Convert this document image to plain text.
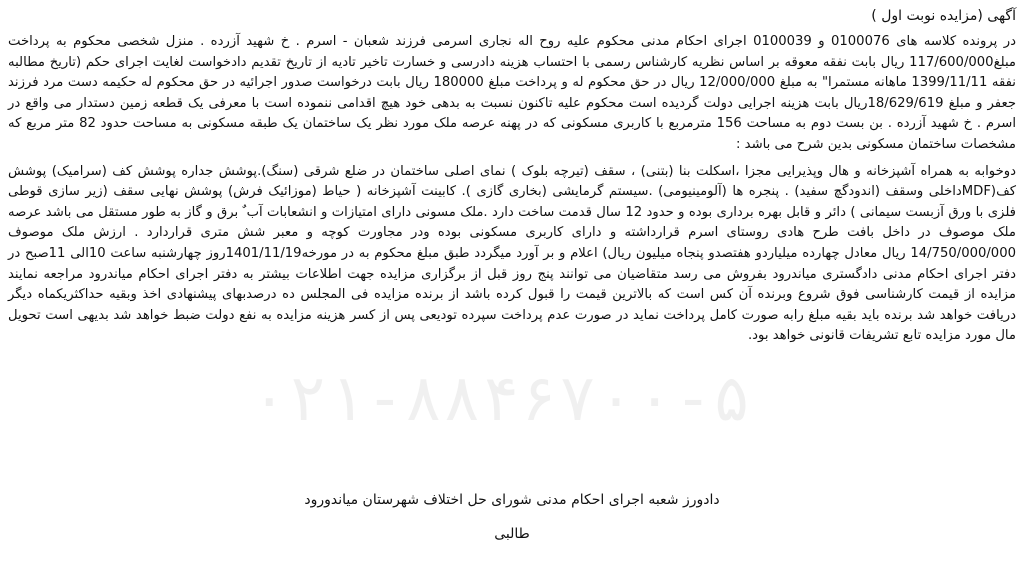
آگهی (مزایده نوبت اول )

در پرونده کلاسه های 0100076 و 0100039 اجرای احکام مدنی محکوم علیه روح اله نجاری اسرمی فرزند شعبان - اسرم . خ شهید آزرده . منزل شخصی محکوم به پرداخت مبلغ117/600/000 ریال بابت نفقه معوقه بر اساس نظریه کارشناس رسمی با احتساب هزینه دادرسی و خسارت تاخیر تادیه از تاریخ تقدیم دادخواست لغایت اجرای حکم (تاریخ مطالبه نفقه 1399/11/11 ماهانه مستمرا" به مبلغ 12/000/000 ریال در حق محکوم له و پرداخت مبلغ 180000 ریال بابت درخواست صدور اجرائیه در حق محکوم له حکیمه دست مرد فرزند جعفر و مبلغ 18/629/619ریال بابت هزینه اجرایی دولت گردیده است محکوم علیه تاکنون نسبت به بدهی خود هیچ اقدامی ننموده است با معرفی یک قطعه زمین دستدار می واقع در اسرم . خ شهید آزرده . بن بست دوم به مساحت 156 مترمربع با کاربری مسکونی که در پهنه عرصه ملک مورد نظر یک ساختمان یک طبقه مسکونی به مساحت حدود 82 متر مربع که مشخصات ساختمان مسکونی بدین شرح می باشد :

دوخوابه به همراه آشپزخانه و هال وپذیرایی مجزا ،اسکلت بنا (بتنی) ، سقف (تیرچه بلوک ) نمای اصلی ساختمان در ضلع شرقی (سنگ).پوشش جداره پوشش کف (سرامیک) پوشش کف(MDFداخلی وسقف (اندودگچ سفید) . پنجره ها (آلومینیومی) .سیستم گرمایشی (بخاری گازی ). کابینت آشپزخانه ( حیاط (موزائیک فرش) پوشش نهایی سقف (زیر سازی قوطی فلزی با ورق آزبست سیمانی ) دائر و قابل بهره برداری بوده و حدود 12 سال قدمت ساخت دارد .ملک مسونی دارای امتیازات و انشعابات آب ٌ برق و گاز به طور مستقل می باشد عرصه ملک موصوف در داخل بافت طرح هادی روستای اسرم قرارداشته و دارای کاربری مسکونی بوده ودر مجاورت کوچه و معبر شش متری قراردارد . ارزش ملک موصوف 14/750/000/000 ریال معادل چهارده میلیاردو هفتصدو پنجاه میلیون ریال) اعلام و بر آورد میگردد طبق مبلغ محکوم به در مورخه1401/11/19روز چهارشنبه ساعت 10الی 11صبح در دفتر اجرای احکام مدنی دادگستری میاندرود بفروش می رسد متقاضیان می توانند پنج روز قبل از برگزاری مزایده جهت اطلاعات بیشتر به دفتر اجرای احکام میاندرود مراجعه نمایند مزایده از قیمت کارشناسی فوق شروع وبرنده آن کس است که بالاترین قیمت را قبول کرده باشد از برنده مزایده فی المجلس ده درصدبهای پیشنهادی اخذ وبقیه حداکثریکماه دیگر دریافت خواهد شد برنده باید بقیه مبلغ رابه صورت کامل پرداخت نماید در صورت عدم پرداخت سپرده تودیعی پس از کسر هزینه مزایده به نفع دولت ضبط خواهد شد بدیهی است تحویل مال مورد مزایده تابع تشریفات قانونی خواهد بود.

۰۲۱-۸۸۴۶۷۰۰-۵
دادورز شعبه اجرای احکام مدنی شورای حل اختلاف شهرستان میاندورود
طالبی
